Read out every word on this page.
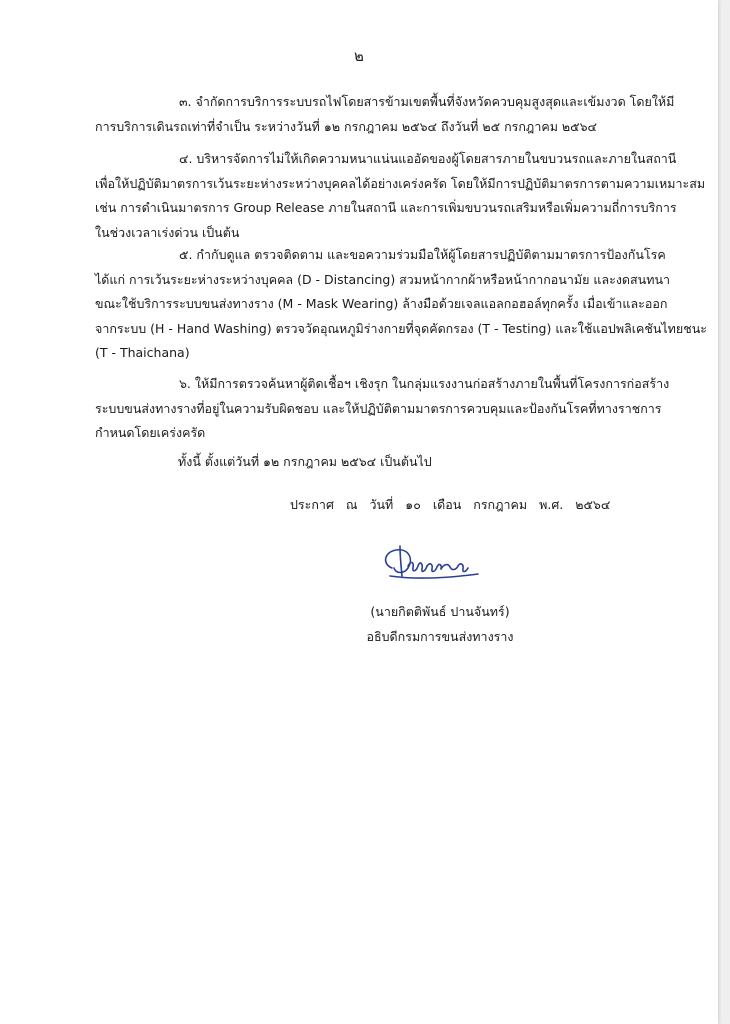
๒

๓. จำกัดการบริการระบบรถไฟโดยสารข้ามเขตพื้นที่จังหวัดควบคุมสูงสุดและเข้มงวด โดยให้มี
การบริการเดินรถเท่าที่จำเป็น ระหว่างวันที่ ๑๒ กรกฎาคม ๒๕๖๔ ถึงวันที่ ๒๕ กรกฎาคม ๒๕๖๔

๔. บริหารจัดการไม่ให้เกิดความหนาแน่นแออัดของผู้โดยสารภายในขบวนรถและภายในสถานี
เพื่อให้ปฏิบัติมาตรการเว้นระยะห่างระหว่างบุคคลได้อย่างเคร่งครัด โดยให้มีการปฏิบัติมาตรการตามความเหมาะสม
เช่น การดำเนินมาตรการ Group Release ภายในสถานี และการเพิ่มขบวนรถเสริมหรือเพิ่มความถี่การบริการ
ในช่วงเวลาเร่งด่วน เป็นต้น

๕. กำกับดูแล ตรวจติดตาม และขอความร่วมมือให้ผู้โดยสารปฏิบัติตามมาตรการป้องกันโรค
ได้แก่ การเว้นระยะห่างระหว่างบุคคล (D - Distancing) สวมหน้ากากผ้าหรือหน้ากากอนามัย และงดสนทนา
ขณะใช้บริการระบบขนส่งทางราง (M - Mask Wearing) ล้างมือด้วยเจลแอลกอฮอล์ทุกครั้ง เมื่อเข้าและออก
จากระบบ (H - Hand Washing) ตรวจวัดอุณหภูมิร่างกายที่จุดคัดกรอง (T - Testing) และใช้แอปพลิเคชันไทยชนะ
(T - Thaichana)

๖. ให้มีการตรวจค้นหาผู้ติดเชื้อฯ เชิงรุก ในกลุ่มแรงงานก่อสร้างภายในพื้นที่โครงการก่อสร้าง
ระบบขนส่งทางรางที่อยู่ในความรับผิดชอบ และให้ปฏิบัติตามมาตรการควบคุมและป้องกันโรคที่ทางราชการ
กำหนดโดยเคร่งครัด

ทั้งนี้ ตั้งแต่วันที่ ๑๒ กรกฎาคม ๒๕๖๔ เป็นต้นไป
ประกาศ ณ วันที่ ๑๐ เดือน กรกฎาคม พ.ศ. ๒๕๖๔
(นายกิตติพันธ์ ปานจันทร์)
อธิบดีกรมการขนส่งทางราง
